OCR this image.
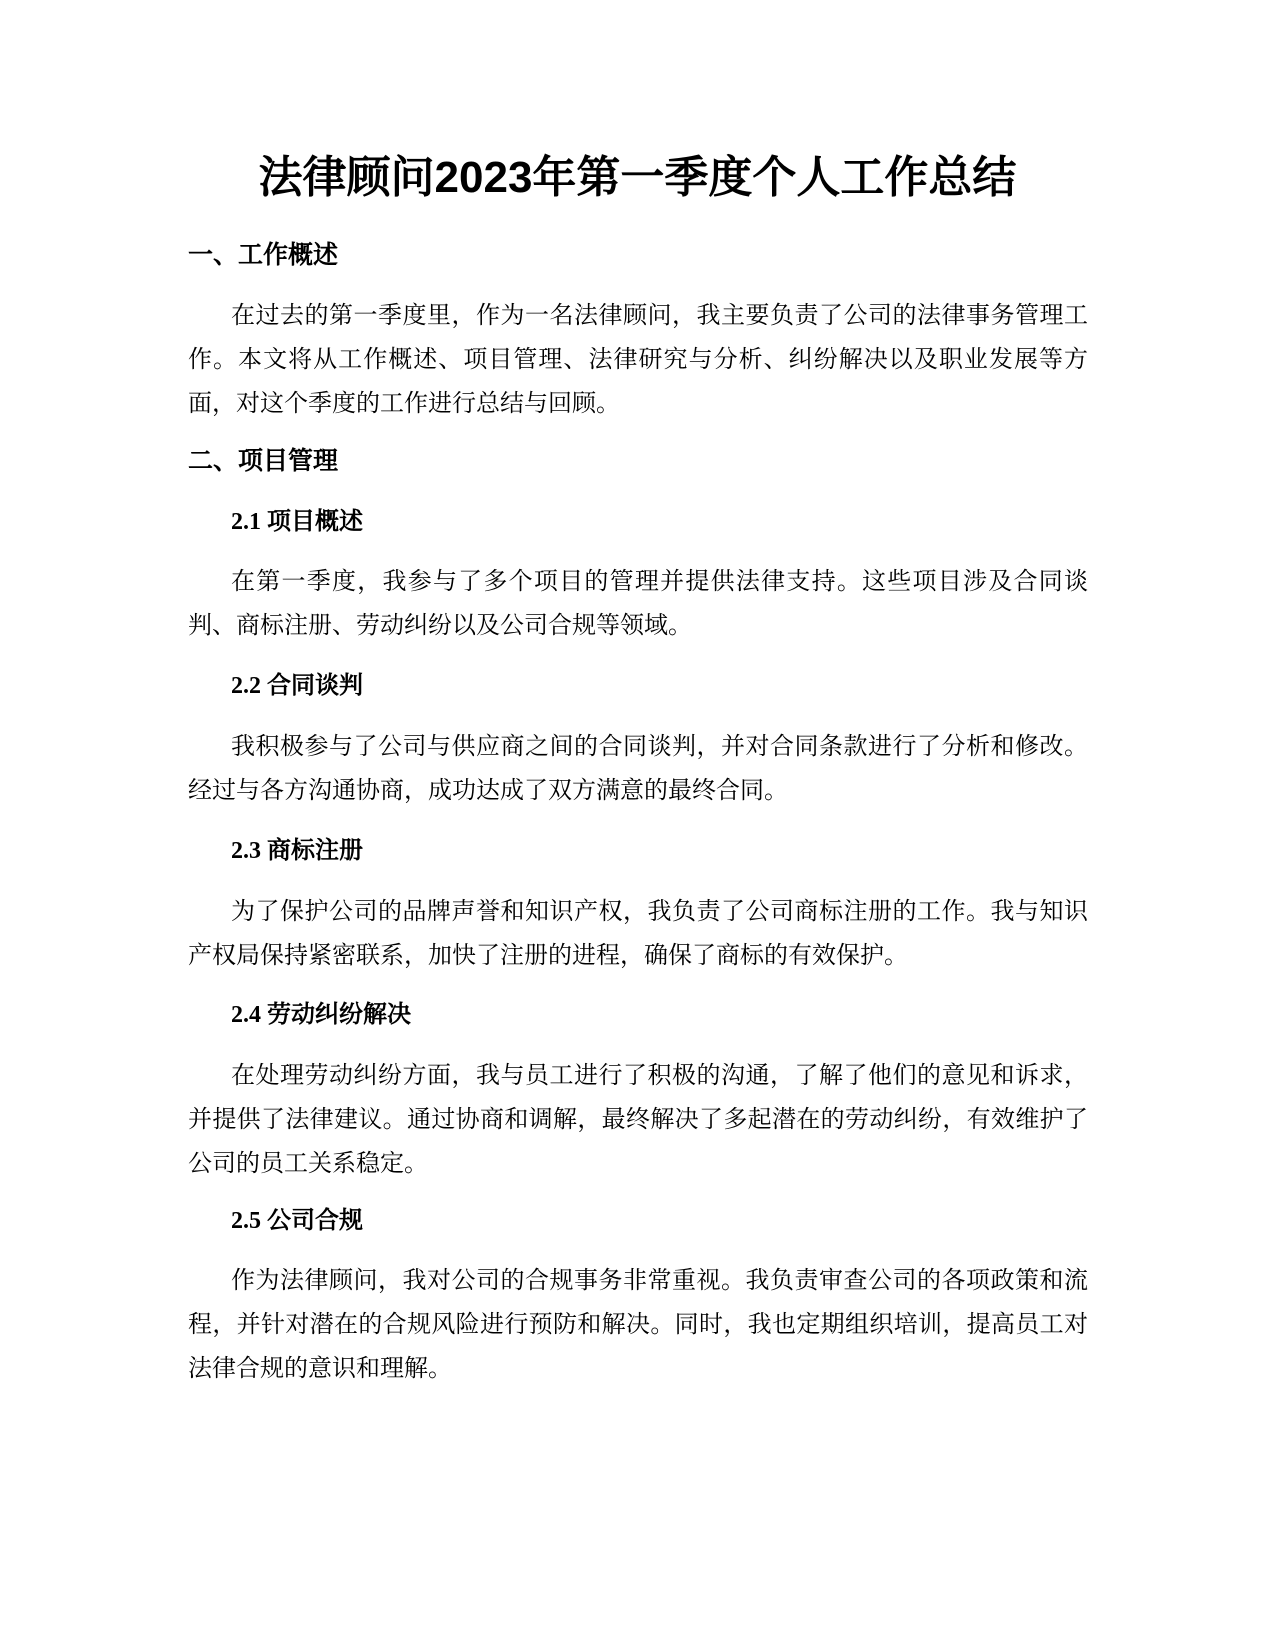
法律顾问2023年第一季度个人工作总结
一、工作概述

在过去的第一季度里，作为一名法律顾问，我主要负责了公司的法律事务管理工作。本文将从工作概述、项目管理、法律研究与分析、纠纷解决以及职业发展等方面，对这个季度的工作进行总结与回顾。

二、项目管理
2.1 项目概述

在第一季度，我参与了多个项目的管理并提供法律支持。这些项目涉及合同谈判、商标注册、劳动纠纷以及公司合规等领域。

2.2 合同谈判

我积极参与了公司与供应商之间的合同谈判，并对合同条款进行了分析和修改。经过与各方沟通协商，成功达成了双方满意的最终合同。

2.3 商标注册

为了保护公司的品牌声誉和知识产权，我负责了公司商标注册的工作。我与知识产权局保持紧密联系，加快了注册的进程，确保了商标的有效保护。

2.4 劳动纠纷解决

在处理劳动纠纷方面，我与员工进行了积极的沟通，了解了他们的意见和诉求，并提供了法律建议。通过协商和调解，最终解决了多起潜在的劳动纠纷，有效维护了公司的员工关系稳定。

2.5 公司合规

作为法律顾问，我对公司的合规事务非常重视。我负责审查公司的各项政策和流程，并针对潜在的合规风险进行预防和解决。同时，我也定期组织培训，提高员工对法律合规的意识和理解。
